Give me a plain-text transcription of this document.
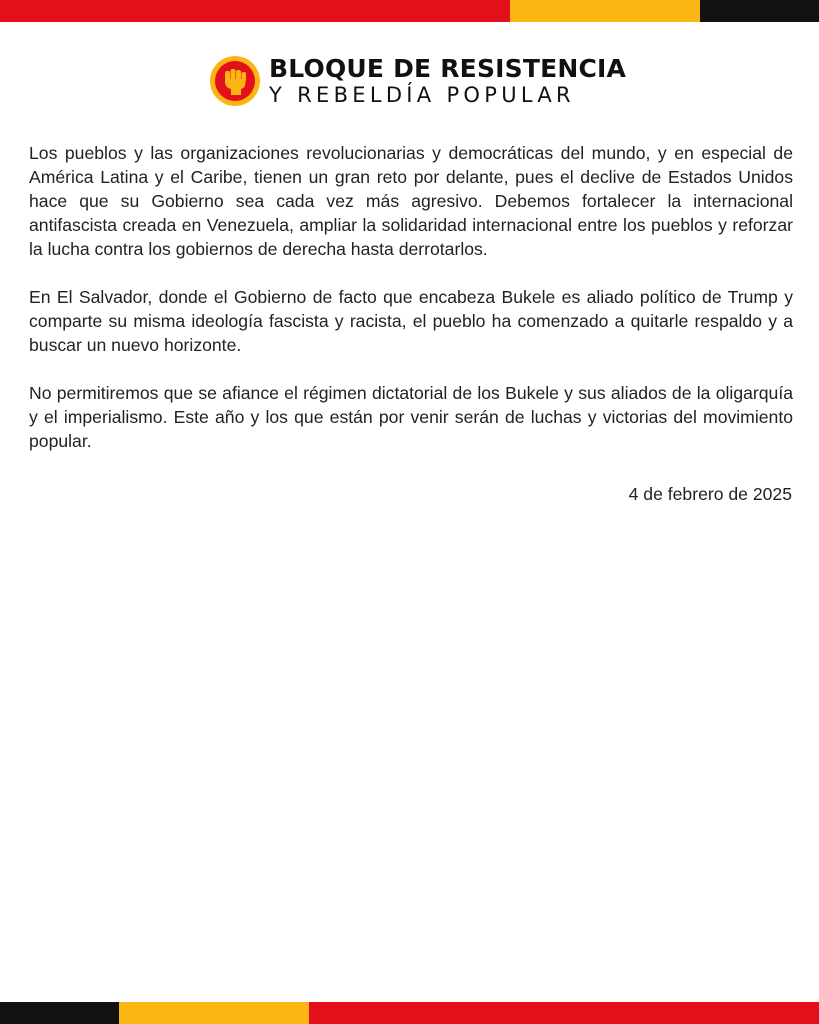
BLOQUE DE RESISTENCIA
Y REBELDÍA POPULAR

Los pueblos y las organizaciones revolucionarias y democráticas del mundo, y en especial de América Latina y el Caribe, tienen un gran reto por delante, pues el declive de Estados Unidos hace que su Gobierno sea cada vez más agresivo. Debemos fortalecer la internacional antifascista creada en Venezuela, ampliar la solidaridad internacional entre los pueblos y reforzar la lucha contra los gobiernos de derecha hasta derrotarlos.

En El Salvador, donde el Gobierno de facto que encabeza Bukele es aliado político de Trump y comparte su misma ideología fascista y racista, el pueblo ha comenzado a quitarle respaldo y a buscar un nuevo horizonte.

No permitiremos que se afiance el régimen dictatorial de los Bukele y sus aliados de la oligarquía y el imperialismo. Este año y los que están por venir serán de luchas y victorias del movimiento popular.

4 de febrero de 2025
